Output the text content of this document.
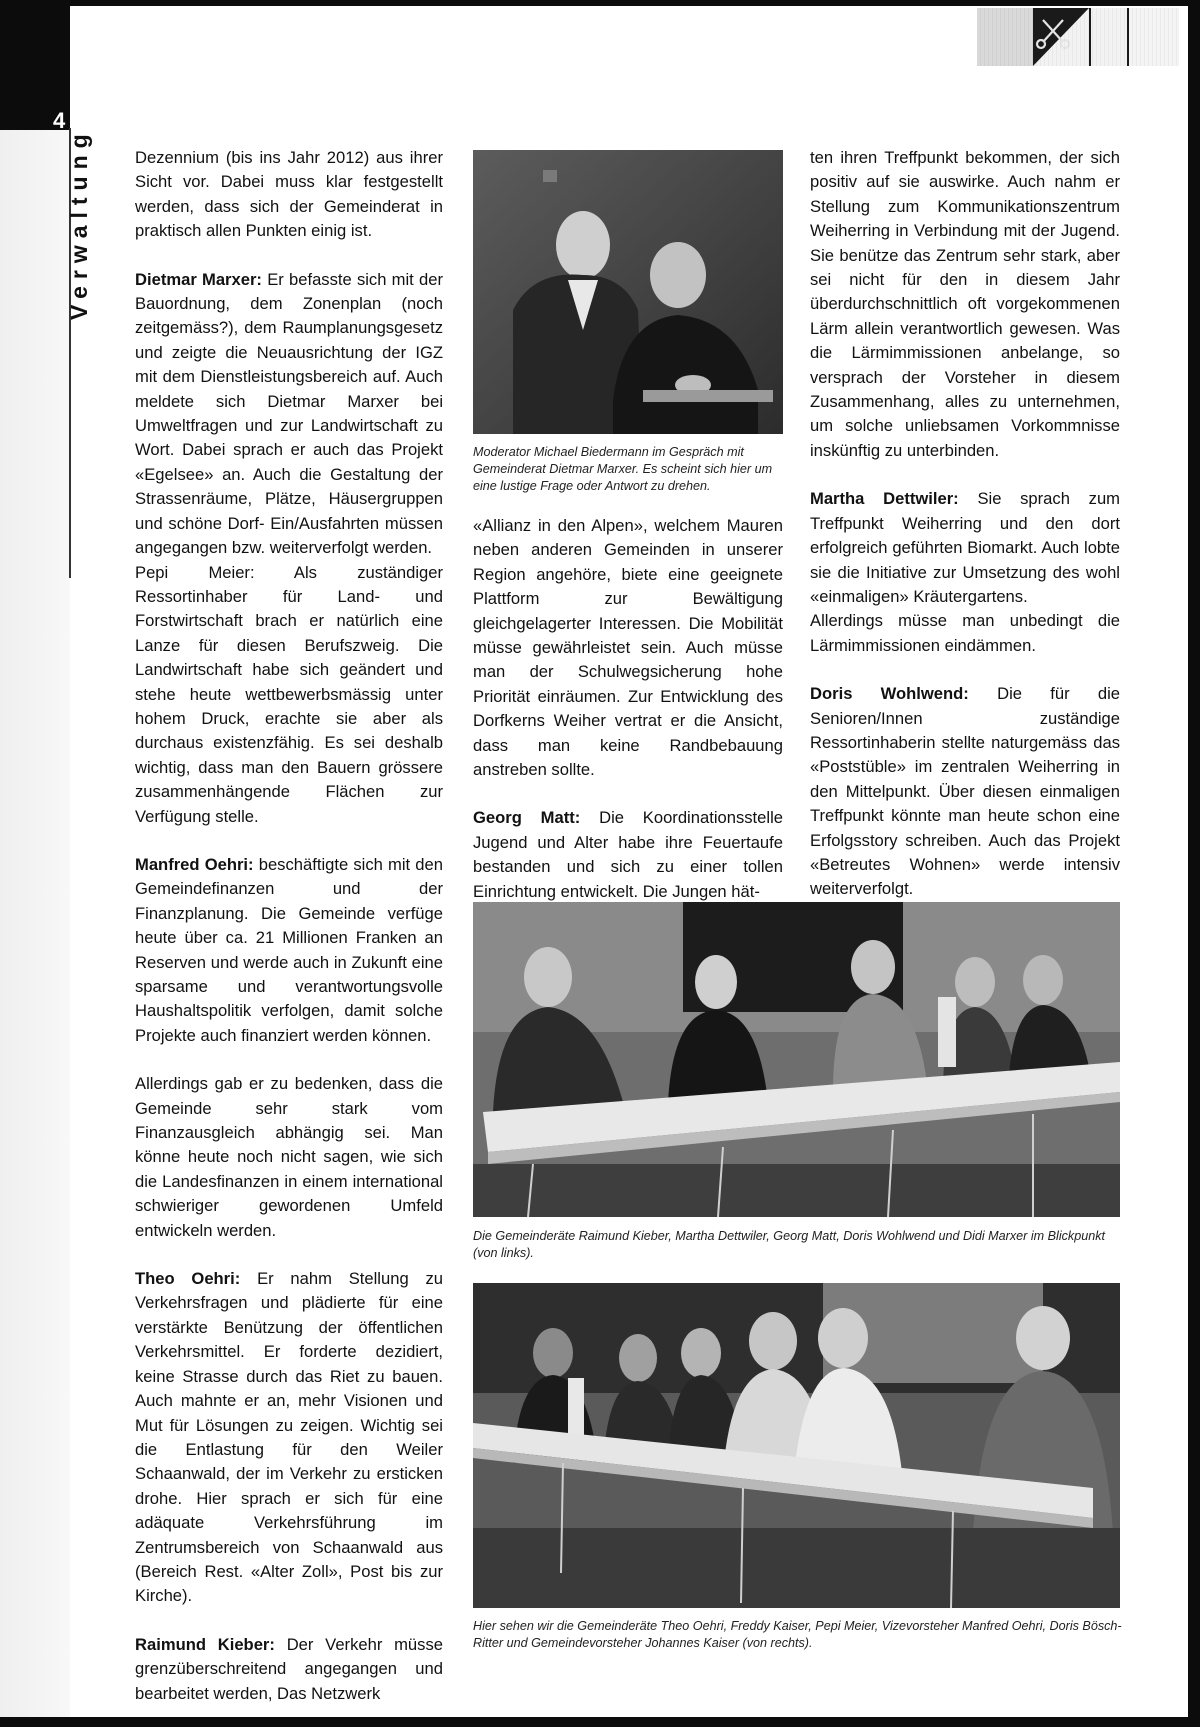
4
Verwaltung	Dezennium (bis ins Jahr 2012) aus ihrer Sicht vor. Dabei muss klar festgestellt werden, dass sich der Gemeinderat in praktisch allen Punkten einig ist.

Dietmar Marxer: Er befasste sich mit der Bauordnung, dem Zonenplan (noch zeitgemäss?), dem Raumplanungsgesetz und zeigte die Neuausrichtung der IGZ mit dem Dienstleistungsbereich auf. Auch meldete sich Dietmar Marxer bei Umweltfragen und zur Landwirtschaft zu Wort. Dabei sprach er auch das Projekt «Egelsee» an. Auch die Gestaltung der Strassenräume, Plätze, Häusergruppen und schöne Dorf- Ein/Ausfahrten müssen angegangen bzw. weiterverfolgt werden.

Pepi Meier: Als zuständiger Ressortinhaber für Land- und Forstwirtschaft brach er natürlich eine Lanze für diesen Berufszweig. Die Landwirtschaft habe sich geändert und stehe heute wettbewerbsmässig unter hohem Druck, erachte sie aber als durchaus existenzfähig. Es sei deshalb wichtig, dass man den Bauern grössere zusammenhängende Flächen zur Verfügung stelle.

Manfred Oehri: beschäftigte sich mit den Gemeindefinanzen und der Finanzplanung. Die Gemeinde verfüge heute über ca. 21 Millionen Franken an Reserven und werde auch in Zukunft eine sparsame und verantwortungsvolle Haushaltspolitik verfolgen, damit solche Projekte auch finanziert werden können.

Allerdings gab er zu bedenken, dass die Gemeinde sehr stark vom Finanzausgleich abhängig sei. Man könne heute noch nicht sagen, wie sich die Landesfinanzen in einem international schwieriger gewordenen Umfeld entwickeln werden.

Theo Oehri: Er nahm Stellung zu Verkehrsfragen und plädierte für eine verstärkte Benützung der öffentlichen Verkehrsmittel. Er forderte dezidiert, keine Strasse durch das Riet zu bauen. Auch mahnte er an, mehr Visionen und Mut für Lösungen zu zeigen. Wichtig sei die Entlastung für den Weiler Schaanwald, der im Verkehr zu ersticken drohe. Hier sprach er sich für eine adäquate Verkehrsführung im Zentrumsbereich von Schaanwald aus (Bereich Rest. «Alter Zoll», Post bis zur Kirche).

Raimund Kieber: Der Verkehr müsse grenzüberschreitend angegangen und bearbeitet werden, Das Netzwerk

Moderator Michael Biedermann im Gespräch mit Gemeinderat Dietmar Marxer. Es scheint sich hier um eine lustige Frage oder Antwort zu drehen.

«Allianz in den Alpen», welchem Mauren neben anderen Gemeinden in unserer Region angehöre, biete eine geeignete Plattform zur Bewältigung gleichgelagerter Interessen. Die Mobilität müsse gewährleistet sein. Auch müsse man der Schulwegsicherung hohe Priorität einräumen. Zur Entwicklung des Dorfkerns Weiher vertrat er die Ansicht, dass man keine Randbebauung anstreben sollte.

Georg Matt: Die Koordinationsstelle Jugend und Alter habe ihre Feuertaufe bestanden und sich zu einer tollen Einrichtung entwickelt. Die Jungen hät-

ten ihren Treffpunkt bekommen, der sich positiv auf sie auswirke. Auch nahm er Stellung zum Kommunikationszentrum Weiherring in Verbindung mit der Jugend. Sie benütze das Zentrum sehr stark, aber sei nicht für den in diesem Jahr überdurchschnittlich oft vorgekommenen Lärm allein verantwortlich gewesen. Was die Lärmimmissionen anbelange, so versprach der Vorsteher in diesem Zusammenhang, alles zu unternehmen, um solche unliebsamen Vorkommnisse inskünftig zu unterbinden.

Martha Dettwiler: Sie sprach zum Treffpunkt Weiherring und den dort erfolgreich geführten Biomarkt. Auch lobte sie die Initiative zur Umsetzung des wohl «einmaligen» Kräutergartens.

Allerdings müsse man unbedingt die Lärmimmissionen eindämmen.

Doris Wohlwend: Die für die Senioren/Innen zuständige Ressortinhaberin stellte naturgemäss das «Poststüble» im zentralen Weiherring in den Mittelpunkt. Über diesen einmaligen Treffpunkt könnte man heute schon eine Erfolgsstory schreiben. Auch das Projekt «Betreutes Wohnen» werde intensiv weiterverfolgt.

Die Gemeinderäte Raimund Kieber, Martha Dettwiler, Georg Matt, Doris Wohlwend und Didi Marxer im Blickpunkt (von links).
Hier sehen wir die Gemeinderäte Theo Oehri, Freddy Kaiser, Pepi Meier, Vizevorsteher Manfred Oehri, Doris Bösch-Ritter und Gemeindevorsteher Johannes Kaiser (von rechts).
